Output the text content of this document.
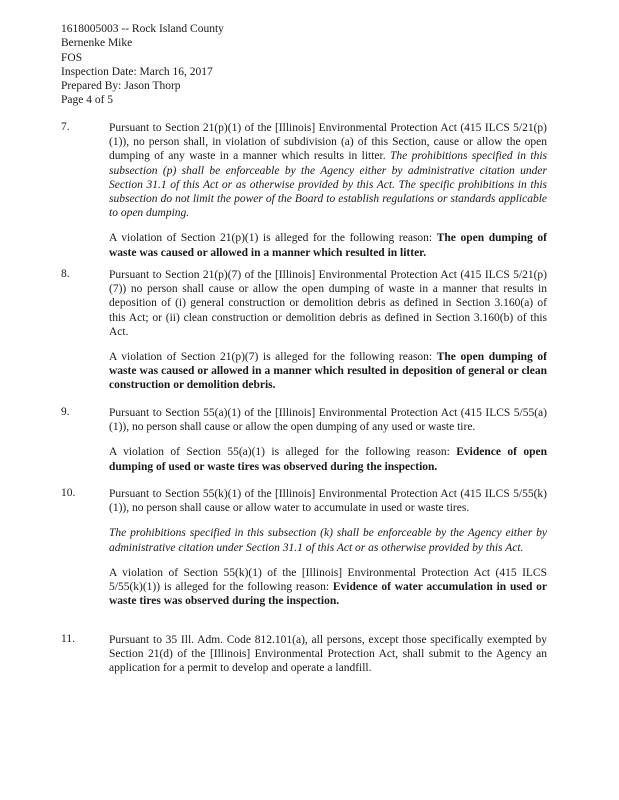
1618005003 -- Rock Island County
Bernenke Mike
FOS
Inspection Date: March 16, 2017
Prepared By: Jason Thorp
Page 4 of 5
7.	Pursuant to Section 21(p)(1) of the [Illinois] Environmental Protection Act (415 ILCS 5/21(p)(1)), no person shall, in violation of subdivision (a) of this Section, cause or allow the open dumping of any waste in a manner which results in litter. The prohibitions specified in this subsection (p) shall be enforceable by the Agency either by administrative citation under Section 31.1 of this Act or as otherwise provided by this Act. The specific prohibitions in this subsection do not limit the power of the Board to establish regulations or standards applicable to open dumping.

A violation of Section 21(p)(1) is alleged for the following reason: The open dumping of waste was caused or allowed in a manner which resulted in litter.

8.	Pursuant to Section 21(p)(7) of the [Illinois] Environmental Protection Act (415 ILCS 5/21(p)(7)) no person shall cause or allow the open dumping of waste in a manner that results in deposition of (i) general construction or demolition debris as defined in Section 3.160(a) of this Act; or (ii) clean construction or demolition debris as defined in Section 3.160(b) of this Act.

A violation of Section 21(p)(7) is alleged for the following reason: The open dumping of waste was caused or allowed in a manner which resulted in deposition of general or clean construction or demolition debris.

9.	Pursuant to Section 55(a)(1) of the [Illinois] Environmental Protection Act (415 ILCS 5/55(a)(1)), no person shall cause or allow the open dumping of any used or waste tire.

A violation of Section 55(a)(1) is alleged for the following reason: Evidence of open dumping of used or waste tires was observed during the inspection.

10.	Pursuant to Section 55(k)(1) of the [Illinois] Environmental Protection Act (415 ILCS 5/55(k)(1)), no person shall cause or allow water to accumulate in used or waste tires.

The prohibitions specified in this subsection (k) shall be enforceable by the Agency either by administrative citation under Section 31.1 of this Act or as otherwise provided by this Act.

A violation of Section 55(k)(1) of the [Illinois] Environmental Protection Act (415 ILCS 5/55(k)(1)) is alleged for the following reason: Evidence of water accumulation in used or waste tires was observed during the inspection.

11.	Pursuant to 35 Ill. Adm. Code 812.101(a), all persons, except those specifically exempted by Section 21(d) of the [Illinois] Environmental Protection Act, shall submit to the Agency an application for a permit to develop and operate a landfill.
